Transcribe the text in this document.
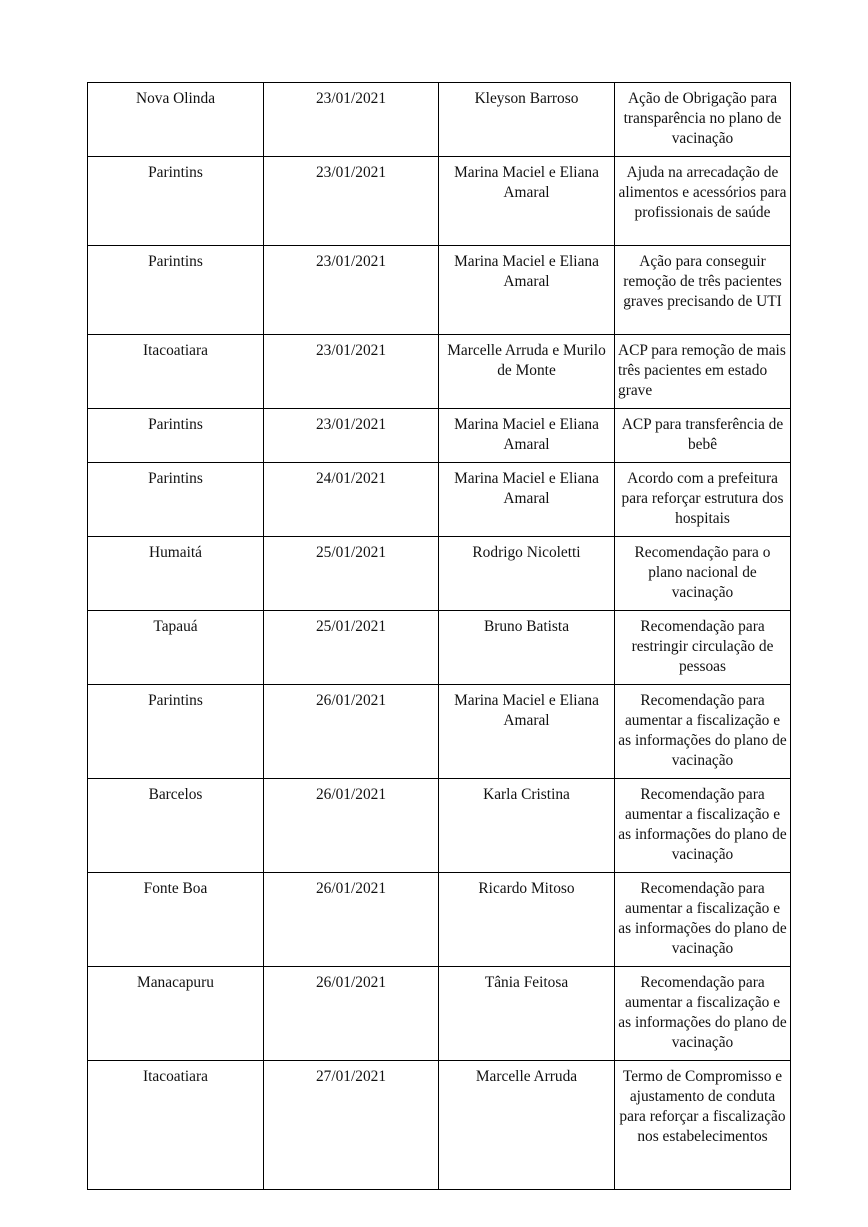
Nova Olinda	23/01/2021	Kleyson Barroso	Ação de Obrigação para transparência no plano de vacinação
Parintins	23/01/2021	Marina Maciel e Eliana Amaral	Ajuda na arrecadação de alimentos e acessórios para profissionais de saúde
Parintins	23/01/2021	Marina Maciel e Eliana Amaral	Ação para conseguir remoção de três pacientes graves precisando de UTI
Itacoatiara	23/01/2021	Marcelle Arruda e Murilo de Monte	ACP para remoção de mais três pacientes em estado grave
Parintins	23/01/2021	Marina Maciel e Eliana Amaral	ACP para transferência de bebê
Parintins	24/01/2021	Marina Maciel e Eliana Amaral	Acordo com a prefeitura para reforçar estrutura dos hospitais
Humaitá	25/01/2021	Rodrigo Nicoletti	Recomendação para o plano nacional de vacinação
Tapauá	25/01/2021	Bruno Batista	Recomendação para restringir circulação de pessoas
Parintins	26/01/2021	Marina Maciel e Eliana Amaral	Recomendação para aumentar a fiscalização e as informações do plano de vacinação
Barcelos	26/01/2021	Karla Cristina	Recomendação para aumentar a fiscalização e as informações do plano de vacinação
Fonte Boa	26/01/2021	Ricardo Mitoso	Recomendação para aumentar a fiscalização e as informações do plano de vacinação
Manacapuru	26/01/2021	Tânia Feitosa	Recomendação para aumentar a fiscalização e as informações do plano de vacinação
Itacoatiara	27/01/2021	Marcelle Arruda	Termo de Compromisso e ajustamento de conduta para reforçar a fiscalização nos estabelecimentos
